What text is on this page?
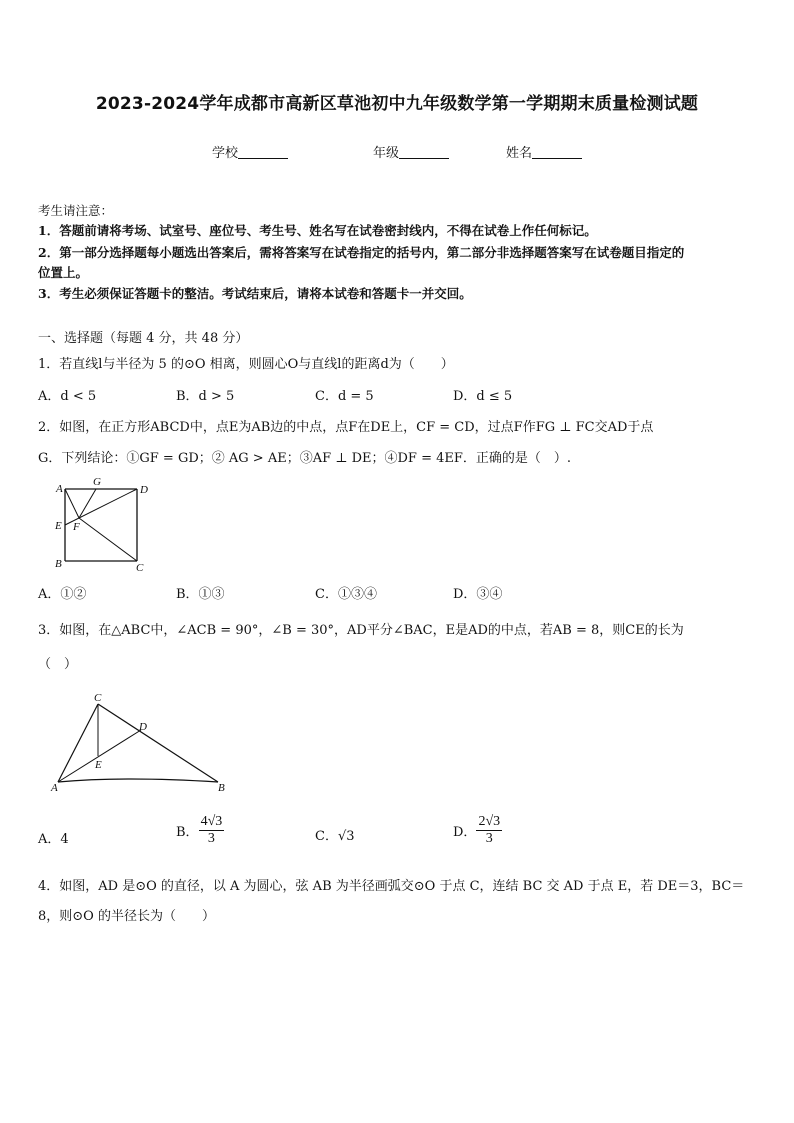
2023-2024学年成都市高新区草池初中九年级数学第一学期期末质量检测试题
学校	年级	姓名
考生请注意：
1．答题前请将考场、试室号、座位号、考生号、姓名写在试卷密封线内，不得在试卷上作任何标记。
2．第一部分选择题每小题选出答案后，需将答案写在试卷指定的括号内，第二部分非选择题答案写在试卷题目指定的
位置上。
3．考生必须保证答题卡的整洁。考试结束后，请将本试卷和答题卡一并交回。
一、选择题（每题 4 分，共 48 分）
1．若直线l与半径为 5 的⊙O 相离，则圆心O与直线l的距离d为（　　）
A．d < 5	B．d > 5	C．d = 5	D．d ≤ 5
2．如图，在正方形ABCD中，点E为AB边的中点，点F在DE上，CF = CD，过点F作FG ⊥ FC交AD于点
G．下列结论：①GF = GD；② AG > AE；③AF ⊥ DE；④DF = 4EF．正确的是（　）.
A
G
D
E F
B	C
A．①②	B．①③	C．①③④	D．③④
3．如图，在△ABC中，∠ACB = 90°，∠B = 30°，AD平分∠BAC，E是AD的中点，若AB = 8，则CE的长为
（　）
C
D
E
A	B
A．4	B． $\frac{4√3}{3}$	C．√3	D． $\frac{2√3}{3}$
4．如图，AD 是⊙O 的直径，以 A 为圆心，弦 AB 为半径画弧交⊙O 于点 C，连结 BC 交 AD 于点 E，若 DE＝3，BC＝
8，则⊙O 的半径长为（　　）
